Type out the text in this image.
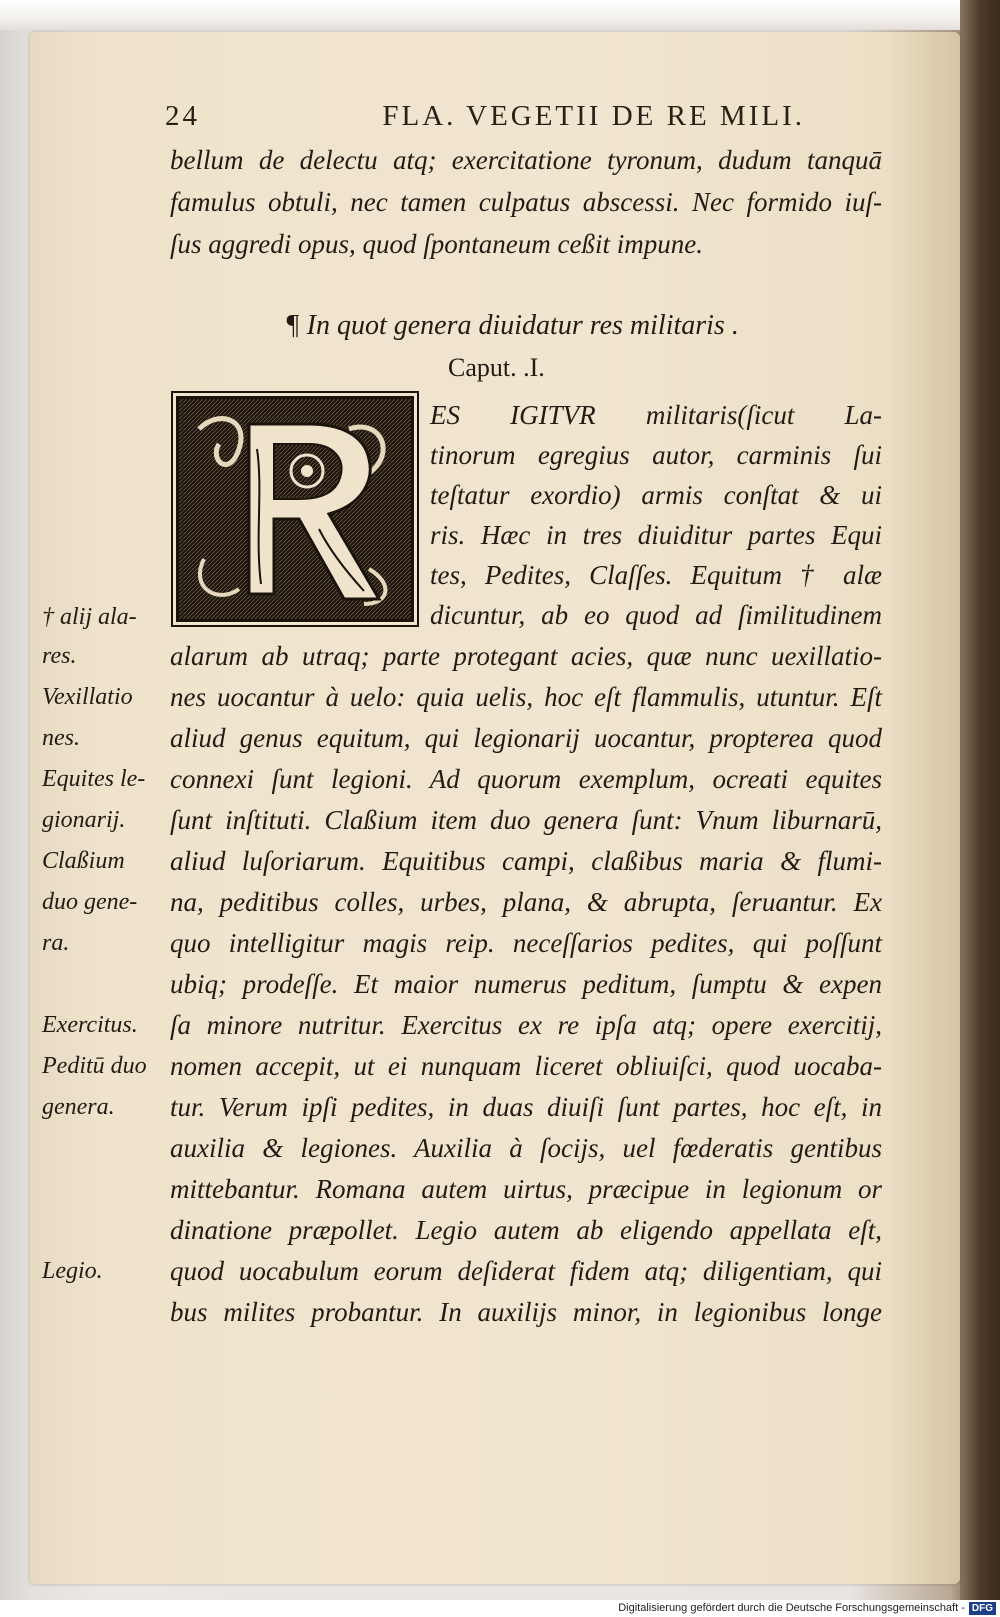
24	FLA. VEGETII DE RE MILI.
bellum de delectu atq; exercitatione tyronum, dudum tanquā
famulus obtuli, nec tamen culpatus abscessi. Nec formido iuſ-
ſus aggredi opus, quod ſpontaneum ceßit impune.
¶ In quot genera diuidatur res militaris .
Caput. .I.
ES IGITVR militaris(ſicut La-
tinorum egregius autor, carminis ſui
teſtatur exordio) armis conſtat & ui
ris. Hæc in tres diuiditur partes Equi
tes, Pedites, Claſſes. Equitum † alæ
dicuntur, ab eo quod ad ſimilitudinem
alarum ab utraq; parte protegant acies, quæ nunc uexillatio-
nes uocantur à uelo: quia uelis, hoc eſt flammulis, utuntur. Eſt
aliud genus equitum, qui legionarij uocantur, propterea quod
connexi ſunt legioni. Ad quorum exemplum, ocreati equites
ſunt inſtituti. Claßium item duo genera ſunt: Vnum liburnarū,
aliud luſoriarum. Equitibus campi, claßibus maria & flumi-
na, peditibus colles, urbes, plana, & abrupta, ſeruantur. Ex
quo intelligitur magis reip. neceſſarios pedites, qui poſſunt
ubiq; prodeſſe. Et maior numerus peditum, ſumptu & expen
ſa minore nutritur. Exercitus ex re ipſa atq; opere exercitij,
nomen accepit, ut ei nunquam liceret obliuiſci, quod uocaba-
tur. Verum ipſi pedites, in duas diuiſi ſunt partes, hoc eſt, in
auxilia & legiones. Auxilia à ſocijs, uel fœderatis gentibus
mittebantur. Romana autem uirtus, præcipue in legionum or
dinatione præpollet. Legio autem ab eligendo appellata eſt,
quod uocabulum eorum deſiderat fidem atq; diligentiam, qui
bus milites probantur. In auxilijs minor, in legionibus longe
† alij ala-
res.
Vexillatio
nes.
Equites le-
gionarij.
Claßium
duo gene-
ra.
Exercitus.
Peditū duo
genera.
Legio.
Digitalisierung gefördert durch die Deutsche Forschungsgemeinschaft - DFG
